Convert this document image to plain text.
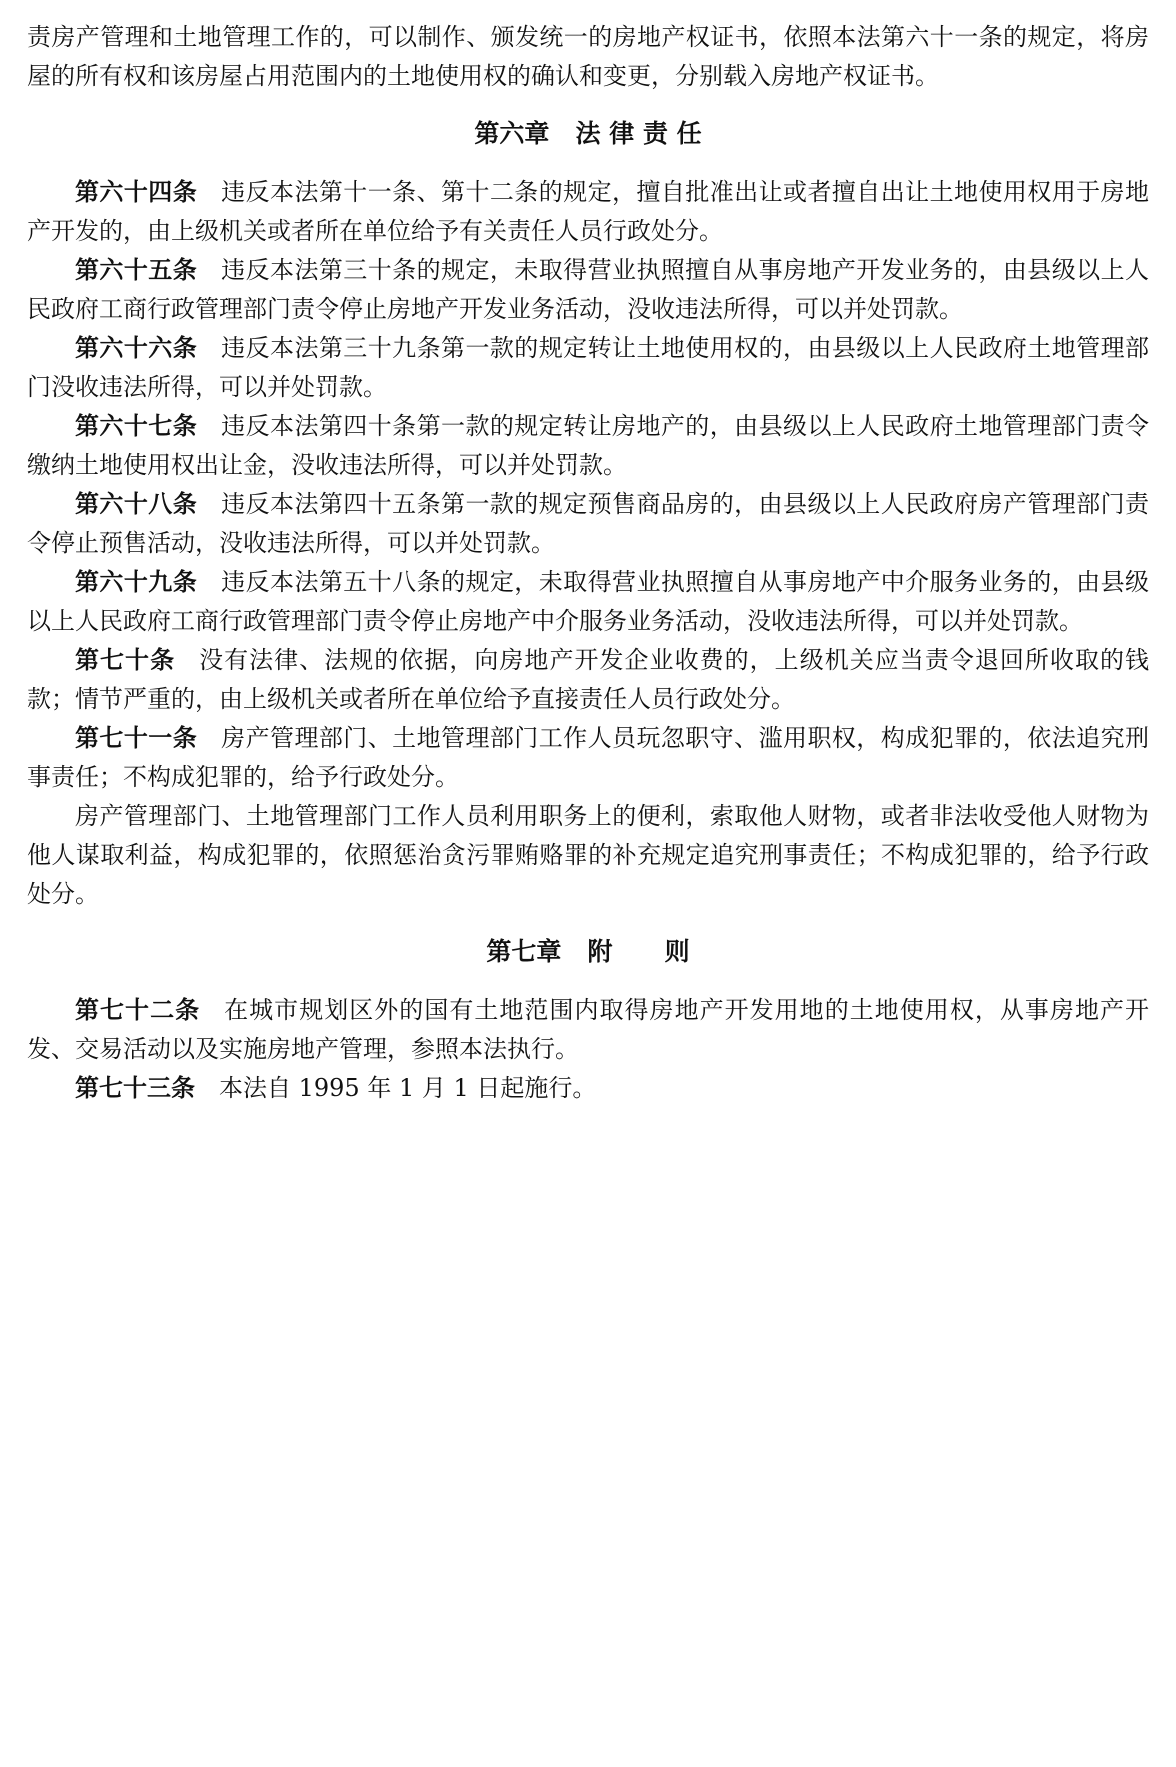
责房产管理和土地管理工作的，可以制作、颁发统一的房地产权证书，依照本法第六十一条的规定，将房屋的所有权和该房屋占用范围内的土地使用权的确认和变更，分别载入房地产权证书。

第六章   法 律 责 任

第六十四条 违反本法第十一条、第十二条的规定，擅自批准出让或者擅自出让土地使用权用于房地产开发的，由上级机关或者所在单位给予有关责任人员行政处分。

第六十五条 违反本法第三十条的规定，未取得营业执照擅自从事房地产开发业务的，由县级以上人民政府工商行政管理部门责令停止房地产开发业务活动，没收违法所得，可以并处罚款。

第六十六条 违反本法第三十九条第一款的规定转让土地使用权的，由县级以上人民政府土地管理部门没收违法所得，可以并处罚款。

第六十七条 违反本法第四十条第一款的规定转让房地产的，由县级以上人民政府土地管理部门责令缴纳土地使用权出让金，没收违法所得，可以并处罚款。

第六十八条 违反本法第四十五条第一款的规定预售商品房的，由县级以上人民政府房产管理部门责令停止预售活动，没收违法所得，可以并处罚款。

第六十九条 违反本法第五十八条的规定，未取得营业执照擅自从事房地产中介服务业务的，由县级以上人民政府工商行政管理部门责令停止房地产中介服务业务活动，没收违法所得，可以并处罚款。

第七十条 没有法律、法规的依据，向房地产开发企业收费的，上级机关应当责令退回所收取的钱款；情节严重的，由上级机关或者所在单位给予直接责任人员行政处分。

第七十一条 房产管理部门、土地管理部门工作人员玩忽职守、滥用职权，构成犯罪的，依法追究刑事责任；不构成犯罪的，给予行政处分。

房产管理部门、土地管理部门工作人员利用职务上的便利，索取他人财物，或者非法收受他人财物为他人谋取利益，构成犯罪的，依照惩治贪污罪贿赂罪的补充规定追究刑事责任；不构成犯罪的，给予行政处分。

第七章   附      则

第七十二条 在城市规划区外的国有土地范围内取得房地产开发用地的土地使用权，从事房地产开发、交易活动以及实施房地产管理，参照本法执行。

第七十三条 本法自 1995 年 1 月 1 日起施行。
